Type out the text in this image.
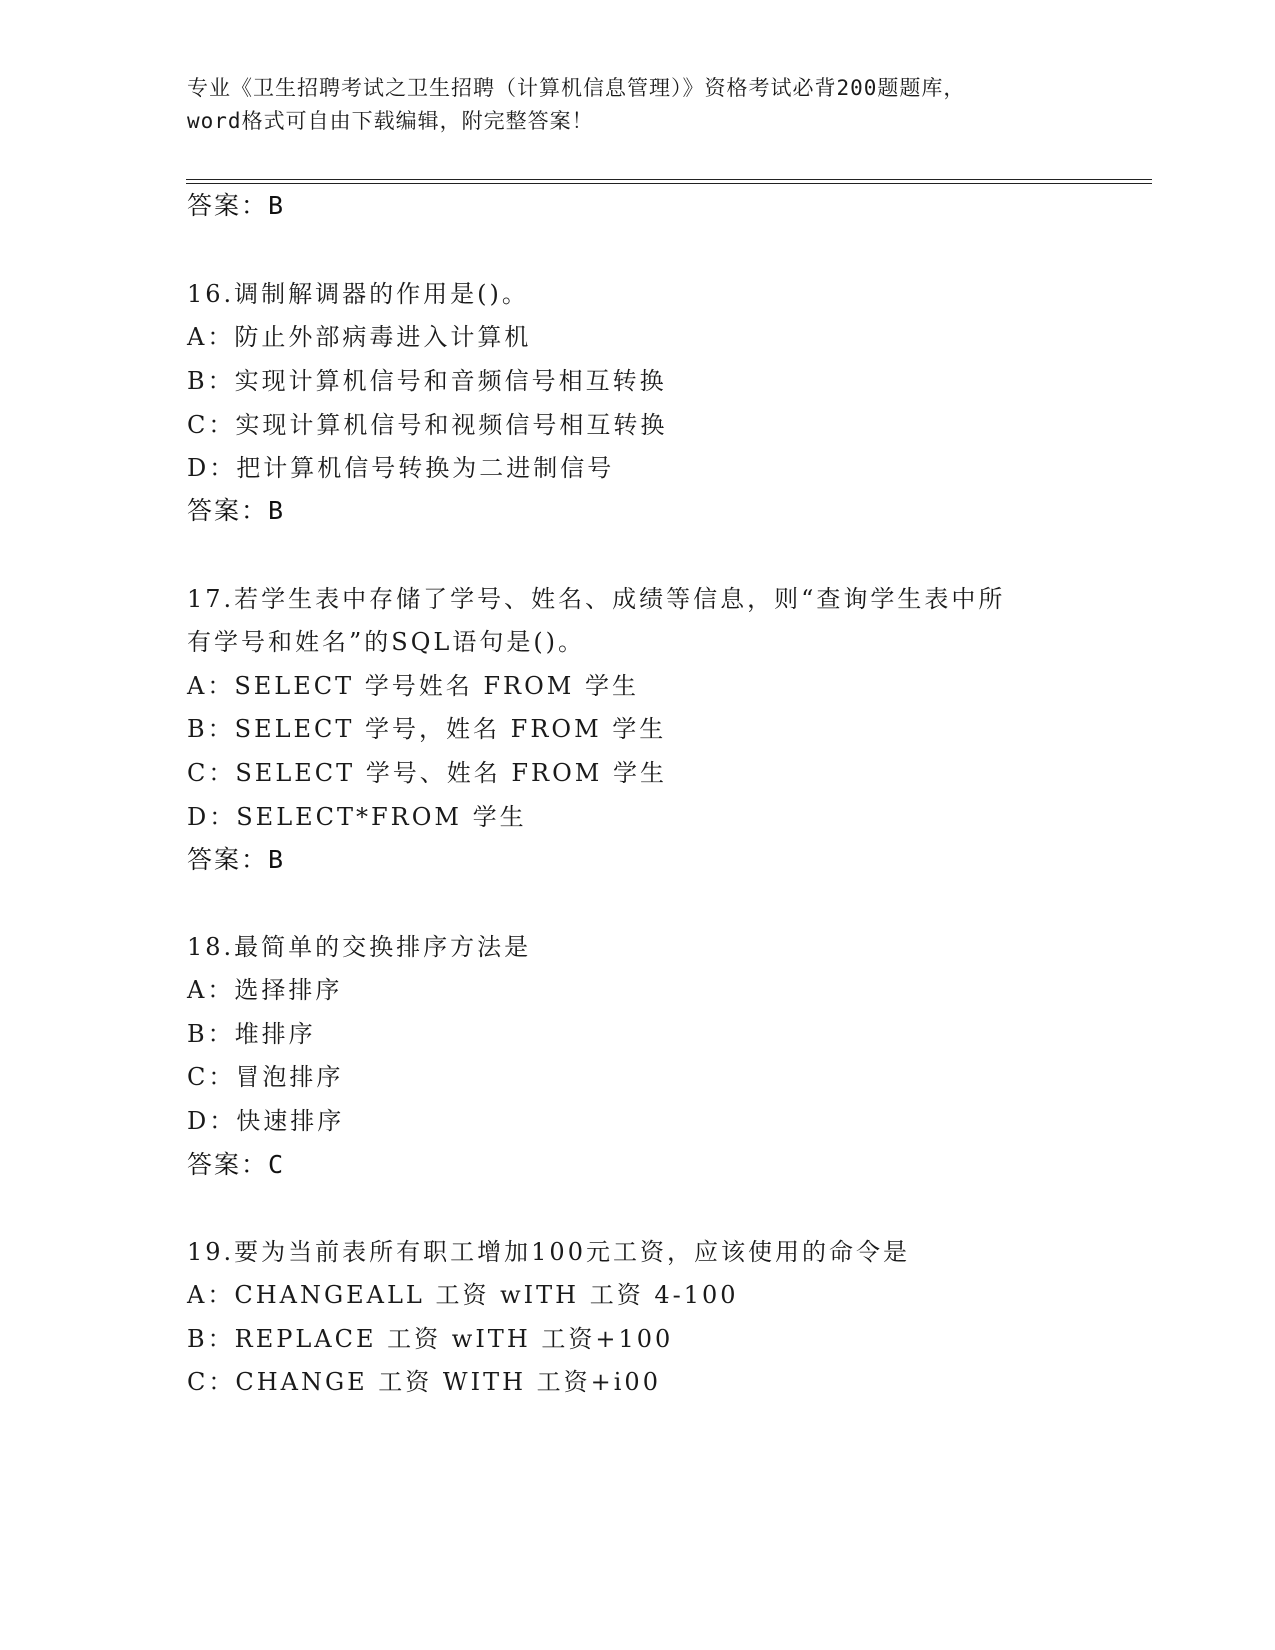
专业《卫生招聘考试之卫生招聘（计算机信息管理）》资格考试必背200题题库，
word格式可自由下载编辑，附完整答案！
答案：B
16.调制解调器的作用是()。
A：防止外部病毒进入计算机
B：实现计算机信号和音频信号相互转换
C：实现计算机信号和视频信号相互转换
D：把计算机信号转换为二进制信号
答案：B
17.若学生表中存储了学号、姓名、成绩等信息，则“查询学生表中所
有学号和姓名”的SQL语句是()。
A：SELECT 学号姓名 FROM 学生
B：SELECT 学号，姓名 FROM 学生
C：SELECT 学号、姓名 FROM 学生
D：SELECT*FROM 学生
答案：B
18.最简单的交换排序方法是
A：选择排序
B：堆排序
C：冒泡排序
D：快速排序
答案：C
19.要为当前表所有职工增加100元工资，应该使用的命令是
A：CHANGEALL 工资 wITH 工资 4-100
B：REPLACE 工资 wITH 工资+100
C：CHANGE 工资 WITH 工资+i00
